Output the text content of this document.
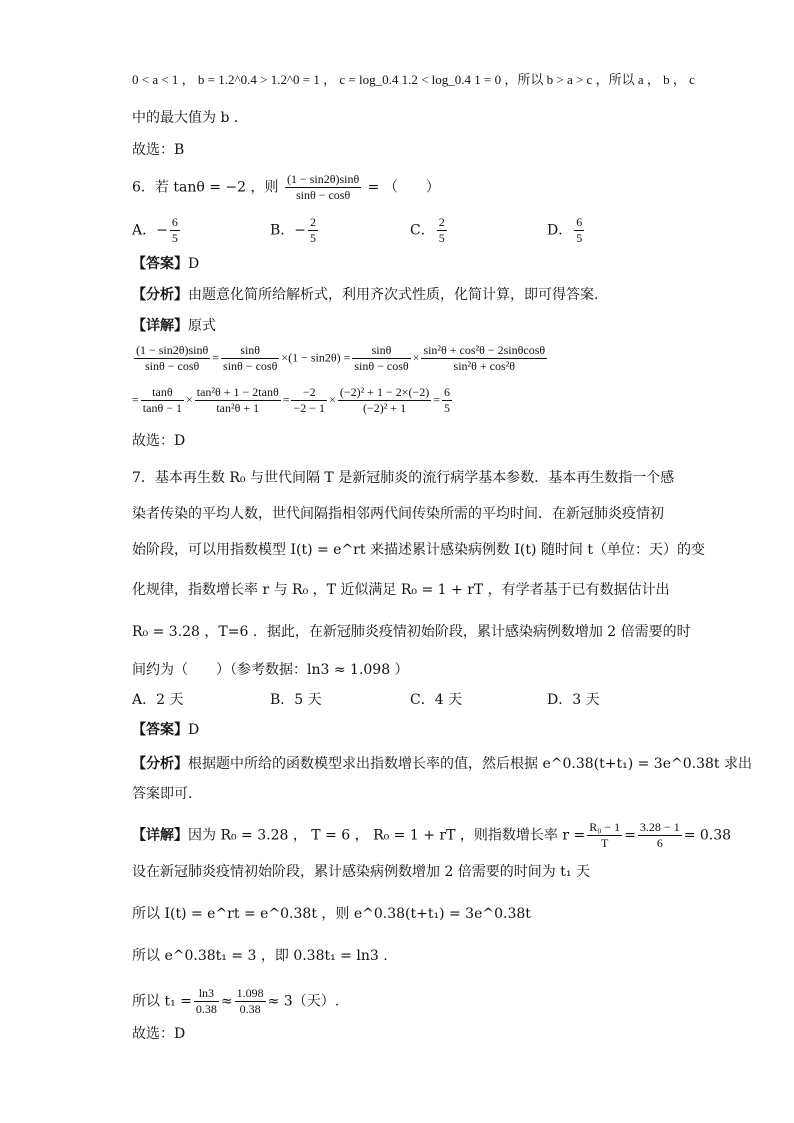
0 < a < 1 ， b = 1.2^0.4 > 1.2^0 = 1 ， c = log_0.4 1.2 < log_0.4 1 = 0 ，所以 b > a > c ，所以 a ， b ， c
中的最大值为 b .
故选：B
6．若 tanθ = −2 ，则 $\frac{(1 - \sin 2\theta)\sin\theta}{\sin\theta - \cos\theta}$ = （　　）
A．− $\frac{6}{5}$	B．− $\frac{2}{5}$	C． $\frac{2}{5}$	D． $\frac{6}{5}$
【答案】D
【分析】由题意化简所给解析式，利用齐次式性质，化简计算，即可得答案.
【详解】原式
$\frac{(1 - \sin 2\theta)\sin\theta}{\sin\theta - \cos\theta} = \frac{\sin\theta}{\sin\theta - \cos\theta} \times(1 - \sin 2\theta) = \frac{\sin\theta}{\sin\theta - \cos\theta} \times \frac{\text{sin²θ + cos²θ − 2sinθcosθ}}{\text{sin²θ + cos²θ}}$
= $\frac{\tan\theta}{\tan\theta - 1} \times \frac{\text{tan²θ + 1 − 2tanθ}}{\text{tan²θ + 1}} = \frac{-2}{-2 - 1} \times \frac{\text{(−2)² + 1 − 2×(−2)}}{\text{(−2)² + 1}} = \frac{6}{5}$
故选：D
7．基本再生数 R₀ 与世代间隔 T 是新冠肺炎的流行病学基本参数．基本再生数指一个感
染者传染的平均人数，世代间隔指相邻两代间传染所需的平均时间．在新冠肺炎疫情初
始阶段，可以用指数模型 I(t) = e^rt 来描述累计感染病例数 I(t) 随时间 t（单位：天）的变
化规律，指数增长率 r 与 R₀ ，T 近似满足 R₀ = 1 + rT ，有学者基于已有数据估计出
R₀ = 3.28 ，T=6 ．据此，在新冠肺炎疫情初始阶段，累计感染病例数增加 2 倍需要的时
间约为（　　）（参考数据：ln3 ≈ 1.098 ）
A．2 天	B．5 天	C．4 天	D．3 天
【答案】D
【分析】根据题中所给的函数模型求出指数增长率的值，然后根据 e^0.38(t+t₁) = 3e^0.38t 求出
答案即可.
【详解】因为 R₀ = 3.28 ， T = 6 ， R₀ = 1 + rT ，则指数增长率 $r = \frac{\text{R₀ − 1}}{T} = \frac{3.28 - 1}{6} = 0.38$
设在新冠肺炎疫情初始阶段，累计感染病例数增加 2 倍需要的时间为 t₁ 天
所以 I(t) = e^rt = e^0.38t ，则 e^0.38(t+t₁) = 3e^0.38t
所以 e^0.38t₁ = 3 ，即 0.38t₁ = ln3 .
所以 $t_1 = \frac{\ln 3}{0.38} \approx \frac{1.098}{0.38} \approx 3$（天）.
故选：D
